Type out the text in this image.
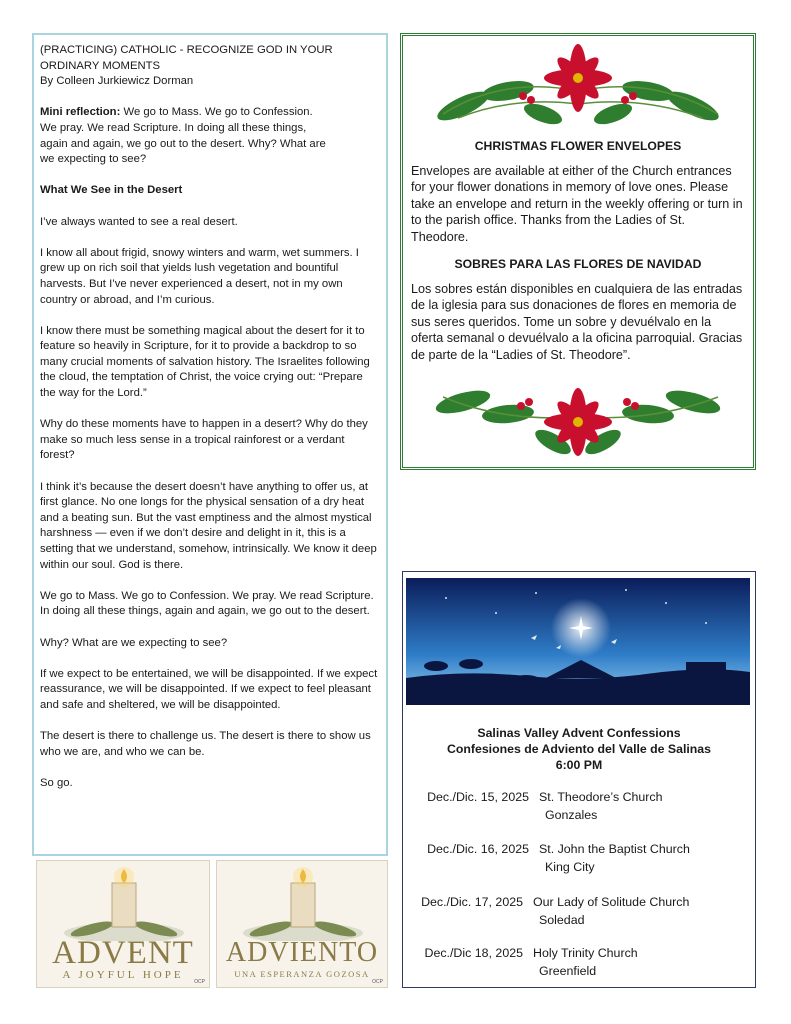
(PRACTICING) CATHOLIC - RECOGNIZE GOD IN YOUR ORDINARY MOMENTS

By Colleen Jurkiewicz Dorman

Mini reflection: We go to Mass. We go to Confession.
We pray. We read Scripture. In doing all these things,
again and again, we go out to the desert. Why? What are
we expecting to see?

What We See in the Desert

I’ve always wanted to see a real desert.

I know all about frigid, snowy winters and warm, wet summers. I grew up on rich soil that yields lush vegetation and bountiful harvests. But I’ve never experienced a desert, not in my own country or abroad, and I’m curious.

I know there must be something magical about the desert for it to feature so heavily in Scripture, for it to provide a backdrop to so many crucial moments of salvation history. The Israelites following the cloud, the temptation of Christ, the voice crying out: “Prepare the way for the Lord.”

Why do these moments have to happen in a desert? Why do they make so much less sense in a tropical rainforest or a verdant forest?

I think it’s because the desert doesn’t have anything to offer us, at first glance. No one longs for the physical sensation of a dry heat and a beating sun. But the vast emptiness and the almost mystical harshness — even if we don’t desire and delight in it, this is a setting that we understand, somehow, intrinsically. We know it deep within our soul. God is there.

We go to Mass. We go to Confession. We pray. We read Scripture. In doing all these things, again and again, we go out to the desert.

Why? What are we expecting to see?

If we expect to be entertained, we will be disappointed. If we expect reassurance, we will be disappointed. If we expect to feel pleasant and safe and sheltered, we will be disappointed.

The desert is there to challenge us. The desert is there to show us who we are, and who we can be.

So go.

CHRISTMAS FLOWER ENVELOPES

Envelopes are available at either of the Church entrances for your flower donations in memory of love ones. Please take an envelope and return in the weekly offering or turn in to the parish office. Thanks from the Ladies of St. Theodore.

SOBRES PARA LAS FLORES DE NAVIDAD

Los sobres están disponibles en cualquiera de las entradas de la iglesia para sus donaciones de flores en memoria de sus seres queridos. Tome un sobre y devuélvalo en la oferta semanal o devuélvalo a la oficina parroquial. Gracias de parte de la “Ladies of St. Theodore”.

Salinas Valley Advent Confessions
Confesiones de Adviento del Valle de Salinas
6:00 PM
Dec./Dic. 15, 2025 St. Theodore’s Church
Gonzales
Dec./Dic. 16, 2025 St. John the Baptist Church
King City
Dec./Dic. 17, 2025 Our Lady of Solitude Church
Soledad
Dec./Dic 18, 2025 Holy Trinity Church
Greenfield
ADVENT
A JOYFUL HOPE
OCP
ADVIENTO
UNA ESPERANZA GOZOSA
OCP
